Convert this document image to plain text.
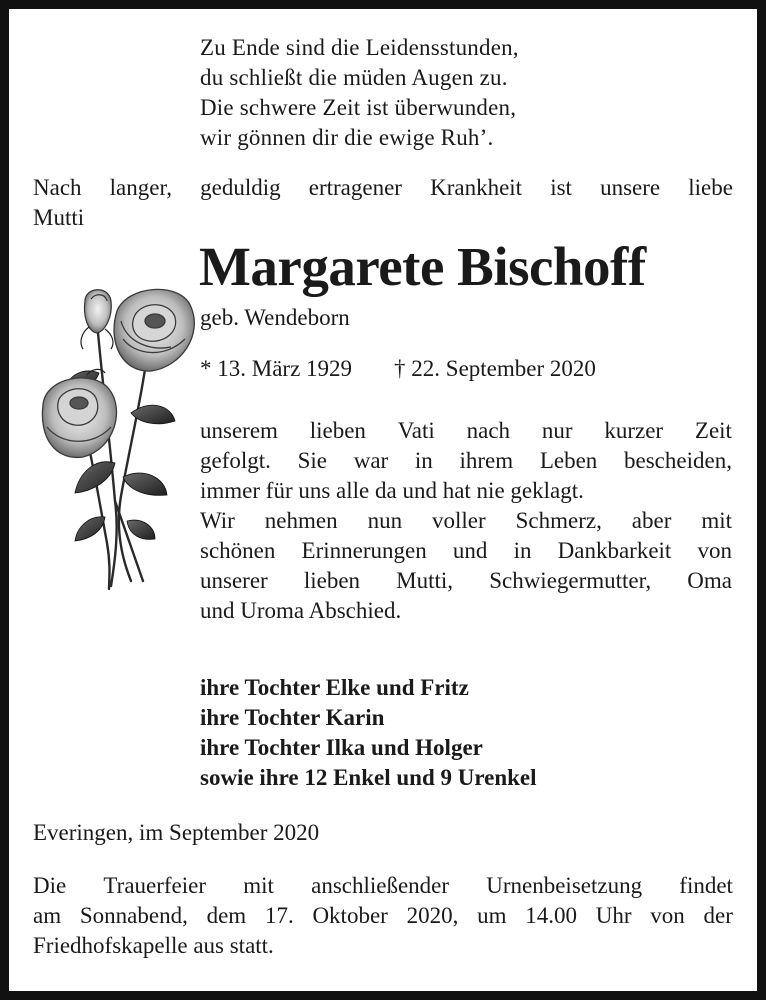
Zu Ende sind die Leidensstunden,
du schließt die müden Augen zu.
Die schwere Zeit ist überwunden,
wir gönnen dir die ewige Ruh’.
Nach langer, geduldig ertragener Krankheit ist unsere liebe
Mutti
Margarete Bischoff
geb. Wendeborn
* 13. März 1929 † 22. September 2020
unserem lieben Vati nach nur kurzer Zeit
gefolgt. Sie war in ihrem Leben bescheiden,
immer für uns alle da und hat nie geklagt.
Wir nehmen nun voller Schmerz, aber mit
schönen Erinnerungen und in Dankbarkeit von
unserer lieben Mutti, Schwiegermutter, Oma
und Uroma Abschied.
ihre Tochter Elke und Fritz
ihre Tochter Karin
ihre Tochter Ilka und Holger
sowie ihre 12 Enkel und 9 Urenkel
Everingen, im September 2020
Die Trauerfeier mit anschließender Urnenbeisetzung findet
am Sonnabend, dem 17. Oktober 2020, um 14.00 Uhr von der
Friedhofskapelle aus statt.
